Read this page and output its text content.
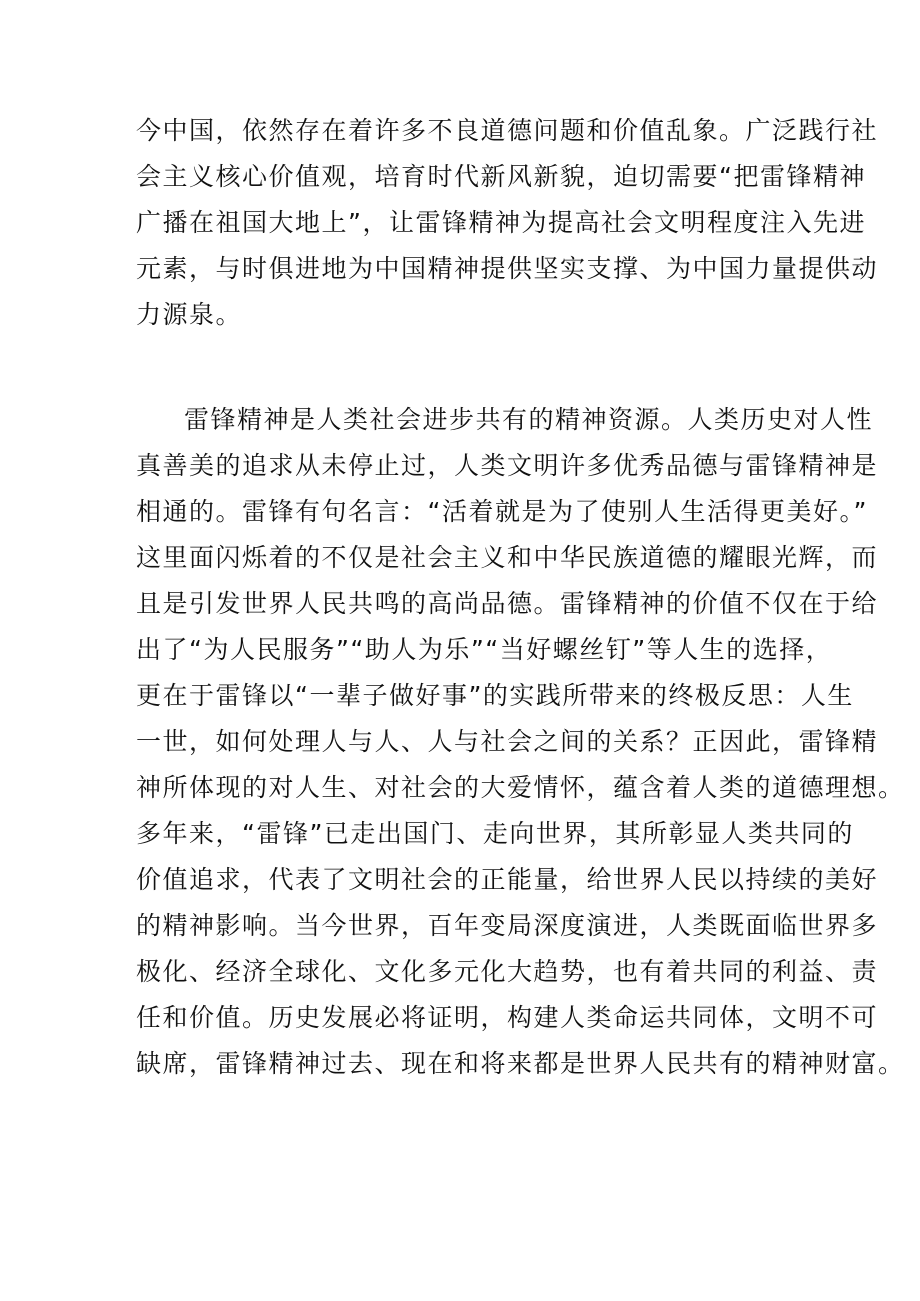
今中国，依然存在着许多不良道德问题和价值乱象。广泛践行社
会主义核心价值观，培育时代新风新貌，迫切需要“把雷锋精神
广播在祖国大地上”，让雷锋精神为提高社会文明程度注入先进
元素，与时俱进地为中国精神提供坚实支撑、为中国力量提供动
力源泉。
雷锋精神是人类社会进步共有的精神资源。人类历史对人性
真善美的追求从未停止过，人类文明许多优秀品德与雷锋精神是
相通的。雷锋有句名言：“活着就是为了使别人生活得更美好。”
这里面闪烁着的不仅是社会主义和中华民族道德的耀眼光辉，而
且是引发世界人民共鸣的高尚品德。雷锋精神的价值不仅在于给
出了“为人民服务”“助人为乐”“当好螺丝钉”等人生的选择，
更在于雷锋以“一辈子做好事”的实践所带来的终极反思：人生
一世，如何处理人与人、人与社会之间的关系？正因此，雷锋精
神所体现的对人生、对社会的大爱情怀，蕴含着人类的道德理想。
多年来，“雷锋”已走出国门、走向世界，其所彰显人类共同的
价值追求，代表了文明社会的正能量，给世界人民以持续的美好
的精神影响。当今世界，百年变局深度演进，人类既面临世界多
极化、经济全球化、文化多元化大趋势，也有着共同的利益、责
任和价值。历史发展必将证明，构建人类命运共同体，文明不可
缺席，雷锋精神过去、现在和将来都是世界人民共有的精神财富。
